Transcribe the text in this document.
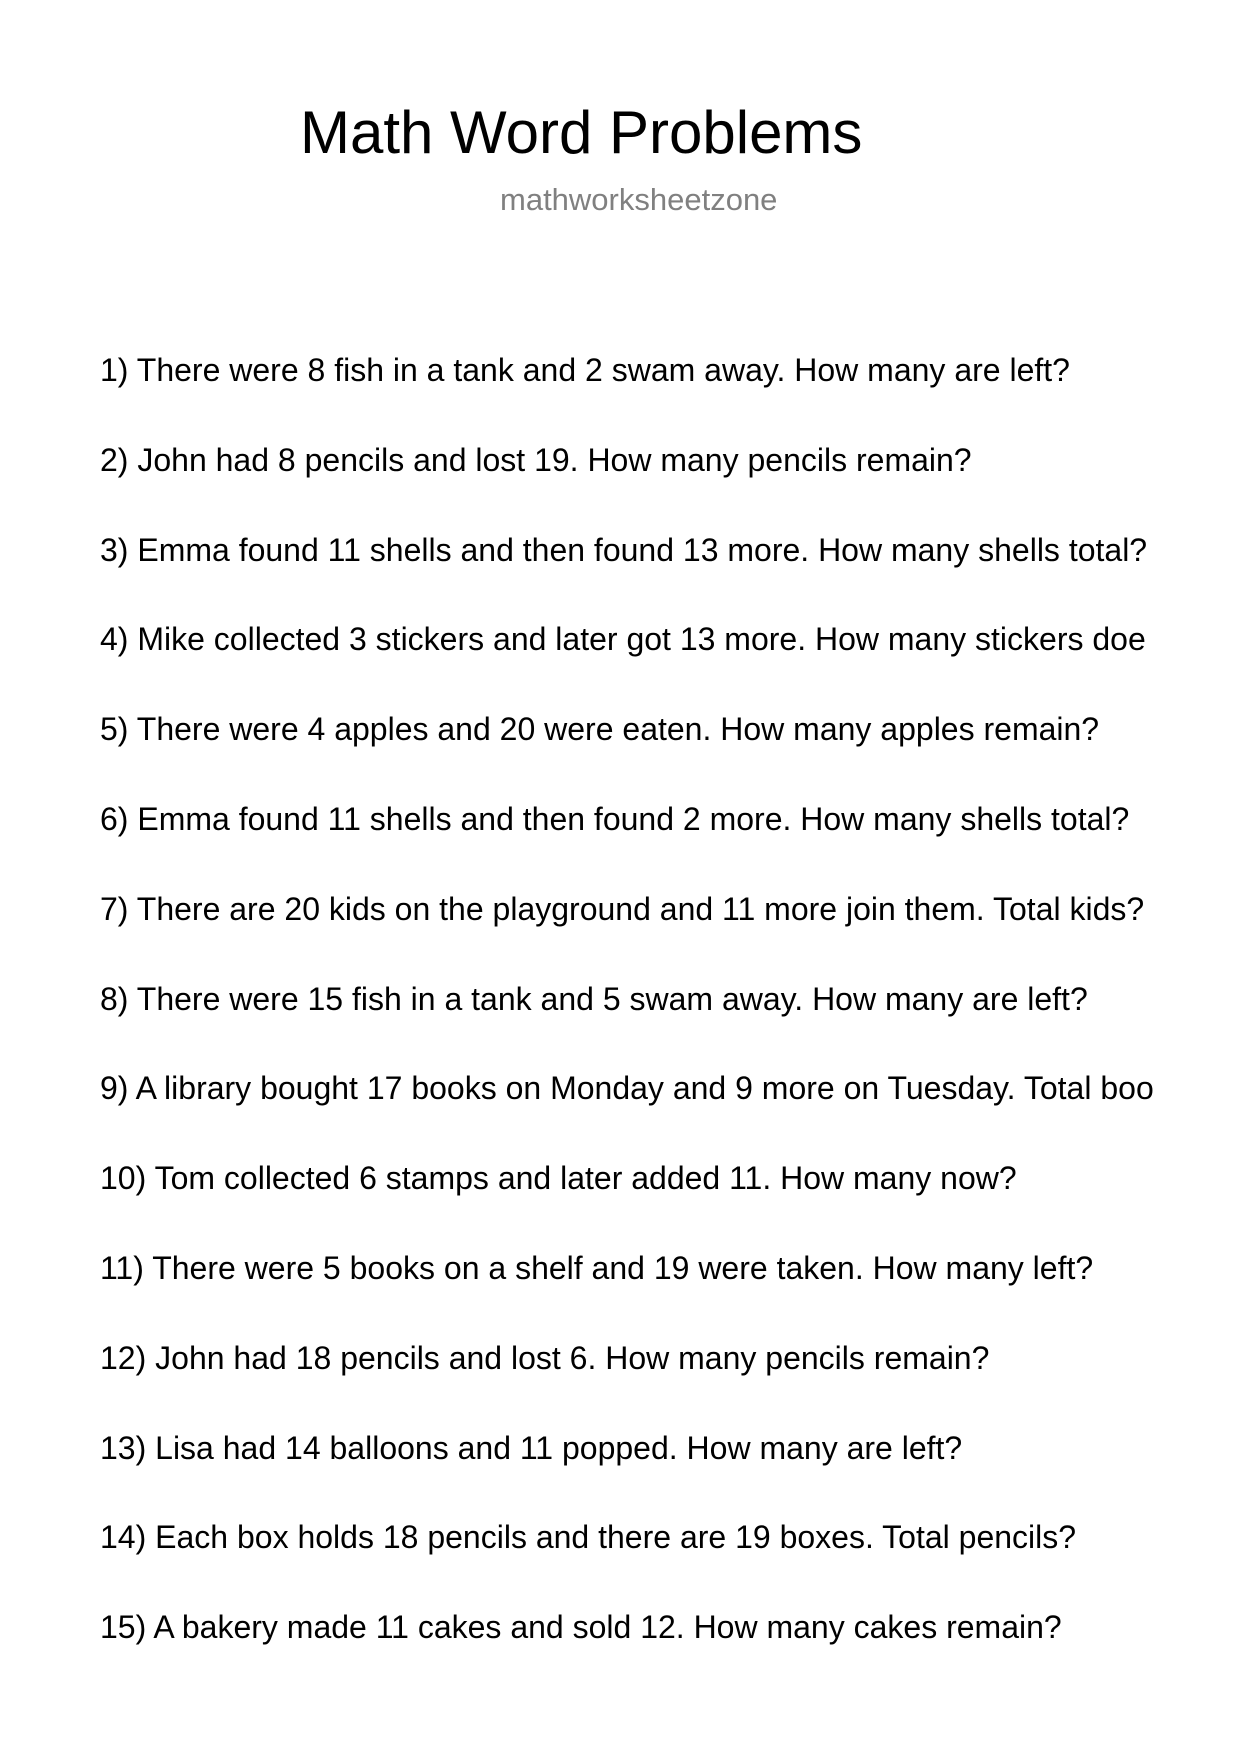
Math Word Problems
mathworksheetzone
1) There were 8 fish in a tank and 2 swam away. How many are left?
2) John had 8 pencils and lost 19. How many pencils remain?
3) Emma found 11 shells and then found 13 more. How many shells total?
4) Mike collected 3 stickers and later got 13 more. How many stickers doe
5) There were 4 apples and 20 were eaten. How many apples remain?
6) Emma found 11 shells and then found 2 more. How many shells total?
7) There are 20 kids on the playground and 11 more join them. Total kids?
8) There were 15 fish in a tank and 5 swam away. How many are left?
9) A library bought 17 books on Monday and 9 more on Tuesday. Total boo
10) Tom collected 6 stamps and later added 11. How many now?
11) There were 5 books on a shelf and 19 were taken. How many left?
12) John had 18 pencils and lost 6. How many pencils remain?
13) Lisa had 14 balloons and 11 popped. How many are left?
14) Each box holds 18 pencils and there are 19 boxes. Total pencils?
15) A bakery made 11 cakes and sold 12. How many cakes remain?
